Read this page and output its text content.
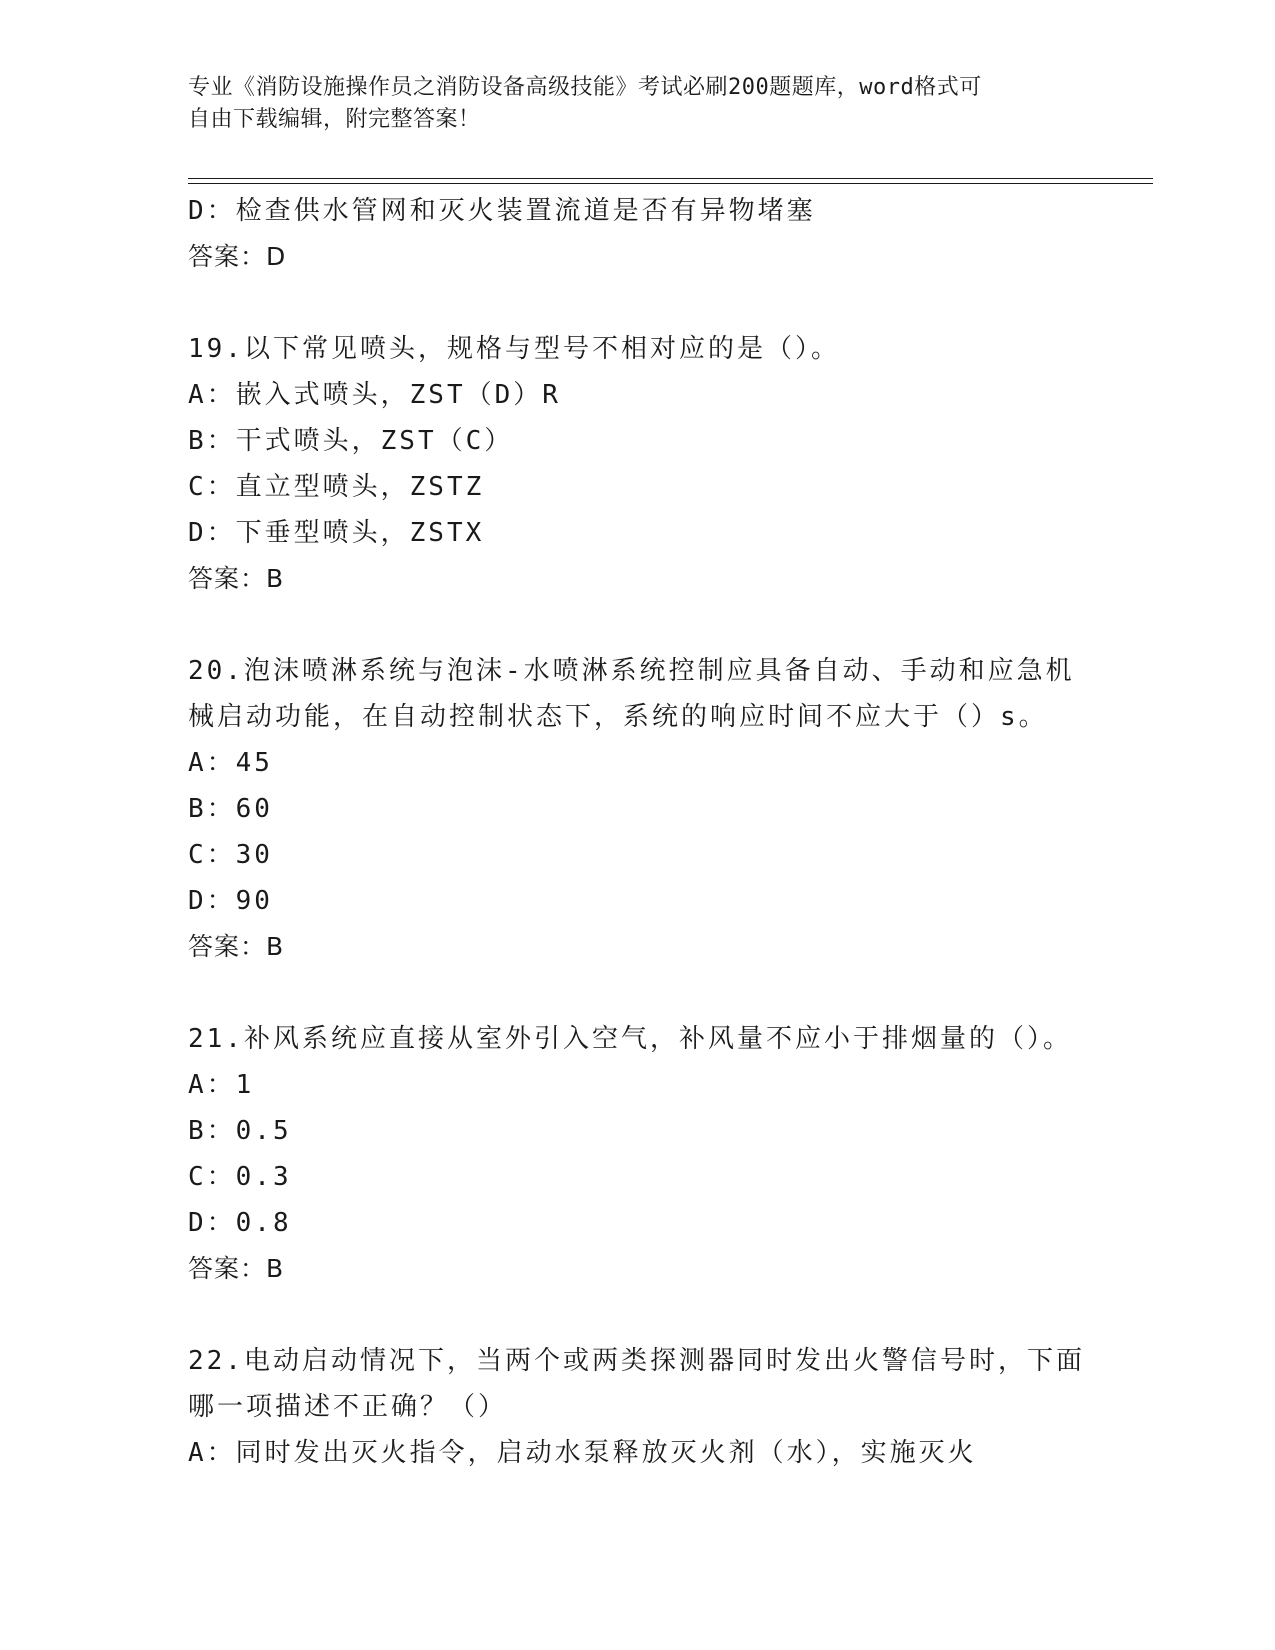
专业《消防设施操作员之消防设备高级技能》考试必刷200题题库，word格式可
自由下载编辑，附完整答案！
D：检查供水管网和灭火装置流道是否有异物堵塞
答案：D
19.以下常见喷头，规格与型号不相对应的是（）。
A：嵌入式喷头，ZST（D）R
B：干式喷头，ZST（C）
C：直立型喷头，ZSTZ
D：下垂型喷头，ZSTX
答案：B
20.泡沫喷淋系统与泡沫-水喷淋系统控制应具备自动、手动和应急机
械启动功能，在自动控制状态下，系统的响应时间不应大于（）s。
A：45
B：60
C：30
D：90
答案：B
21.补风系统应直接从室外引入空气，补风量不应小于排烟量的（）。
A：1
B：0.5
C：0.3
D：0.8
答案：B
22.电动启动情况下，当两个或两类探测器同时发出火警信号时，下面
哪一项描述不正确？（）
A：同时发出灭火指令，启动水泵释放灭火剂（水），实施灭火
